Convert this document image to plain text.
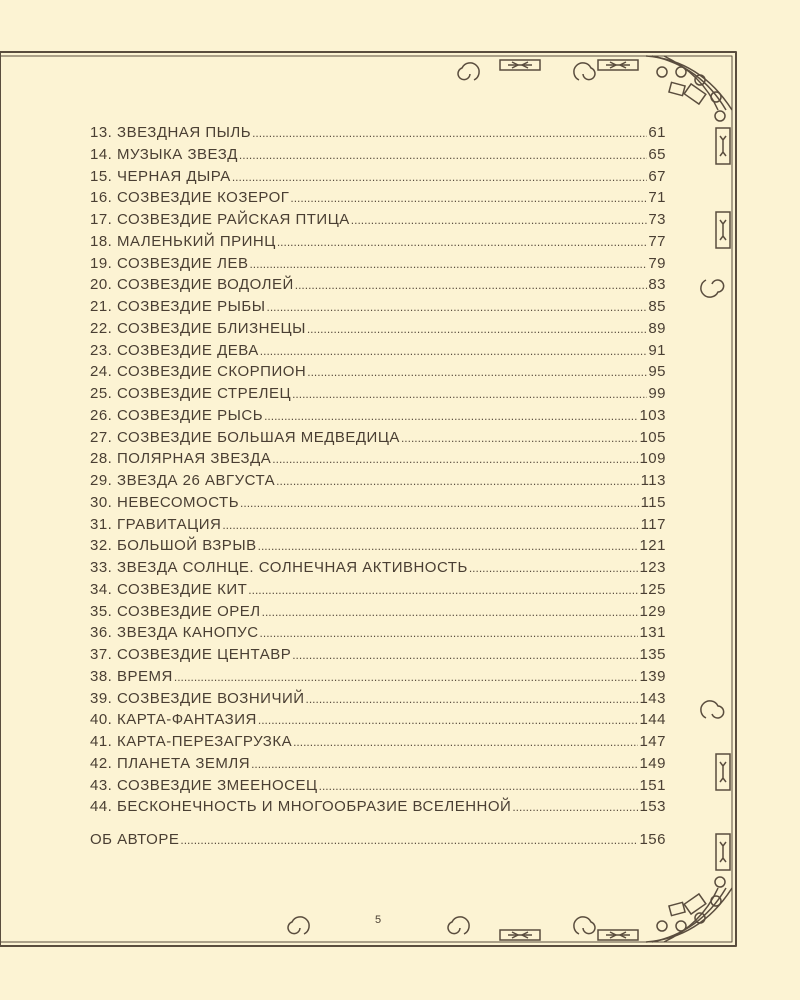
13. ЗВЕЗДНАЯ ПЫЛЬ .....	61
14. МУЗЫКА ЗВЕЗД .....	65
15. ЧЕРНАЯ ДЫРА .....	67
16. СОЗВЕЗДИЕ КОЗЕРОГ .....	71
17. СОЗВЕЗДИЕ РАЙСКАЯ ПТИЦА .....	73
18. МАЛЕНЬКИЙ ПРИНЦ .....	77
19. СОЗВЕЗДИЕ ЛЕВ .....	79
20. СОЗВЕЗДИЕ ВОДОЛЕЙ .....	83
21. СОЗВЕЗДИЕ РЫБЫ .....	85
22. СОЗВЕЗДИЕ БЛИЗНЕЦЫ .....	89
23. СОЗВЕЗДИЕ ДЕВА .....	91
24. СОЗВЕЗДИЕ СКОРПИОН .....	95
25. СОЗВЕЗДИЕ СТРЕЛЕЦ .....	99
26. СОЗВЕЗДИЕ РЫСЬ .....	103
27. СОЗВЕЗДИЕ БОЛЬШАЯ МЕДВЕДИЦА .....	105
28. ПОЛЯРНАЯ ЗВЕЗДА .....	109
29. ЗВЕЗДА 26 АВГУСТА .....	113
30. НЕВЕСОМОСТЬ .....	115
31. ГРАВИТАЦИЯ .....	117
32. БОЛЬШОЙ ВЗРЫВ .....	121
33. ЗВЕЗДА СОЛНЦЕ. СОЛНЕЧНАЯ АКТИВНОСТЬ .....	123
34. СОЗВЕЗДИЕ КИТ .....	125
35. СОЗВЕЗДИЕ ОРЕЛ .....	129
36. ЗВЕЗДА КАНОПУС .....	131
37. СОЗВЕЗДИЕ ЦЕНТАВР .....	135
38. ВРЕМЯ .....	139
39. СОЗВЕЗДИЕ ВОЗНИЧИЙ .....	143
40. КАРТА-ФАНТАЗИЯ .....	144
41. КАРТА-ПЕРЕЗАГРУЗКА .....	147
42. ПЛАНЕТА ЗЕМЛЯ .....	149
43. СОЗВЕЗДИЕ ЗМЕЕНОСЕЦ .....	151
44. БЕСКОНЕЧНОСТЬ И МНОГООБРАЗИЕ ВСЕЛЕННОЙ .....	153
ОБ АВТОРЕ .....	156
5
